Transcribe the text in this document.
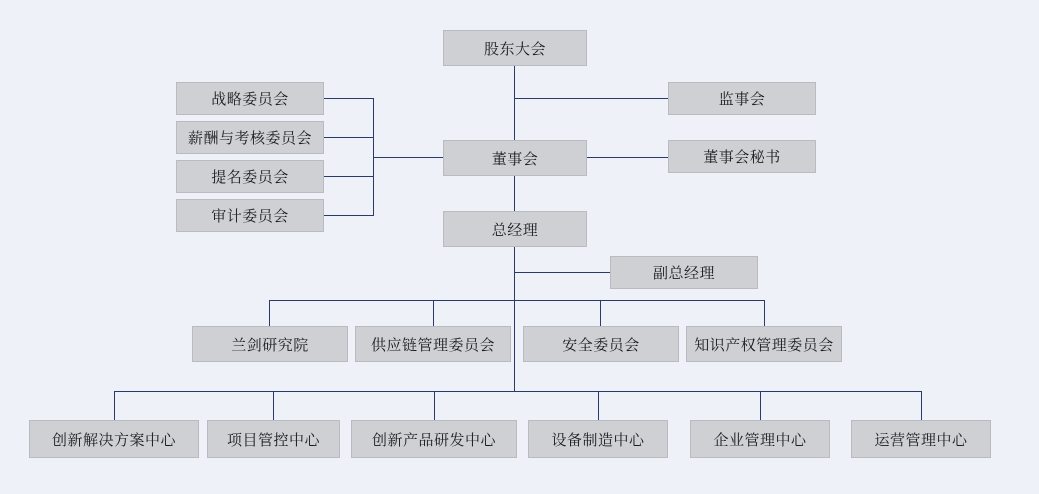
股东大会
监事会
董事会	董事会秘书
战略委员会
薪酬与考核委员会
提名委员会
审计委员会
总经理
副总经理
兰剑研究院	供应链管理委员会	安全委员会	知识产权管理委员会
创新解决方案中心	项目管控中心	创新产品研发中心	设备制造中心	企业管理中心	运营管理中心
